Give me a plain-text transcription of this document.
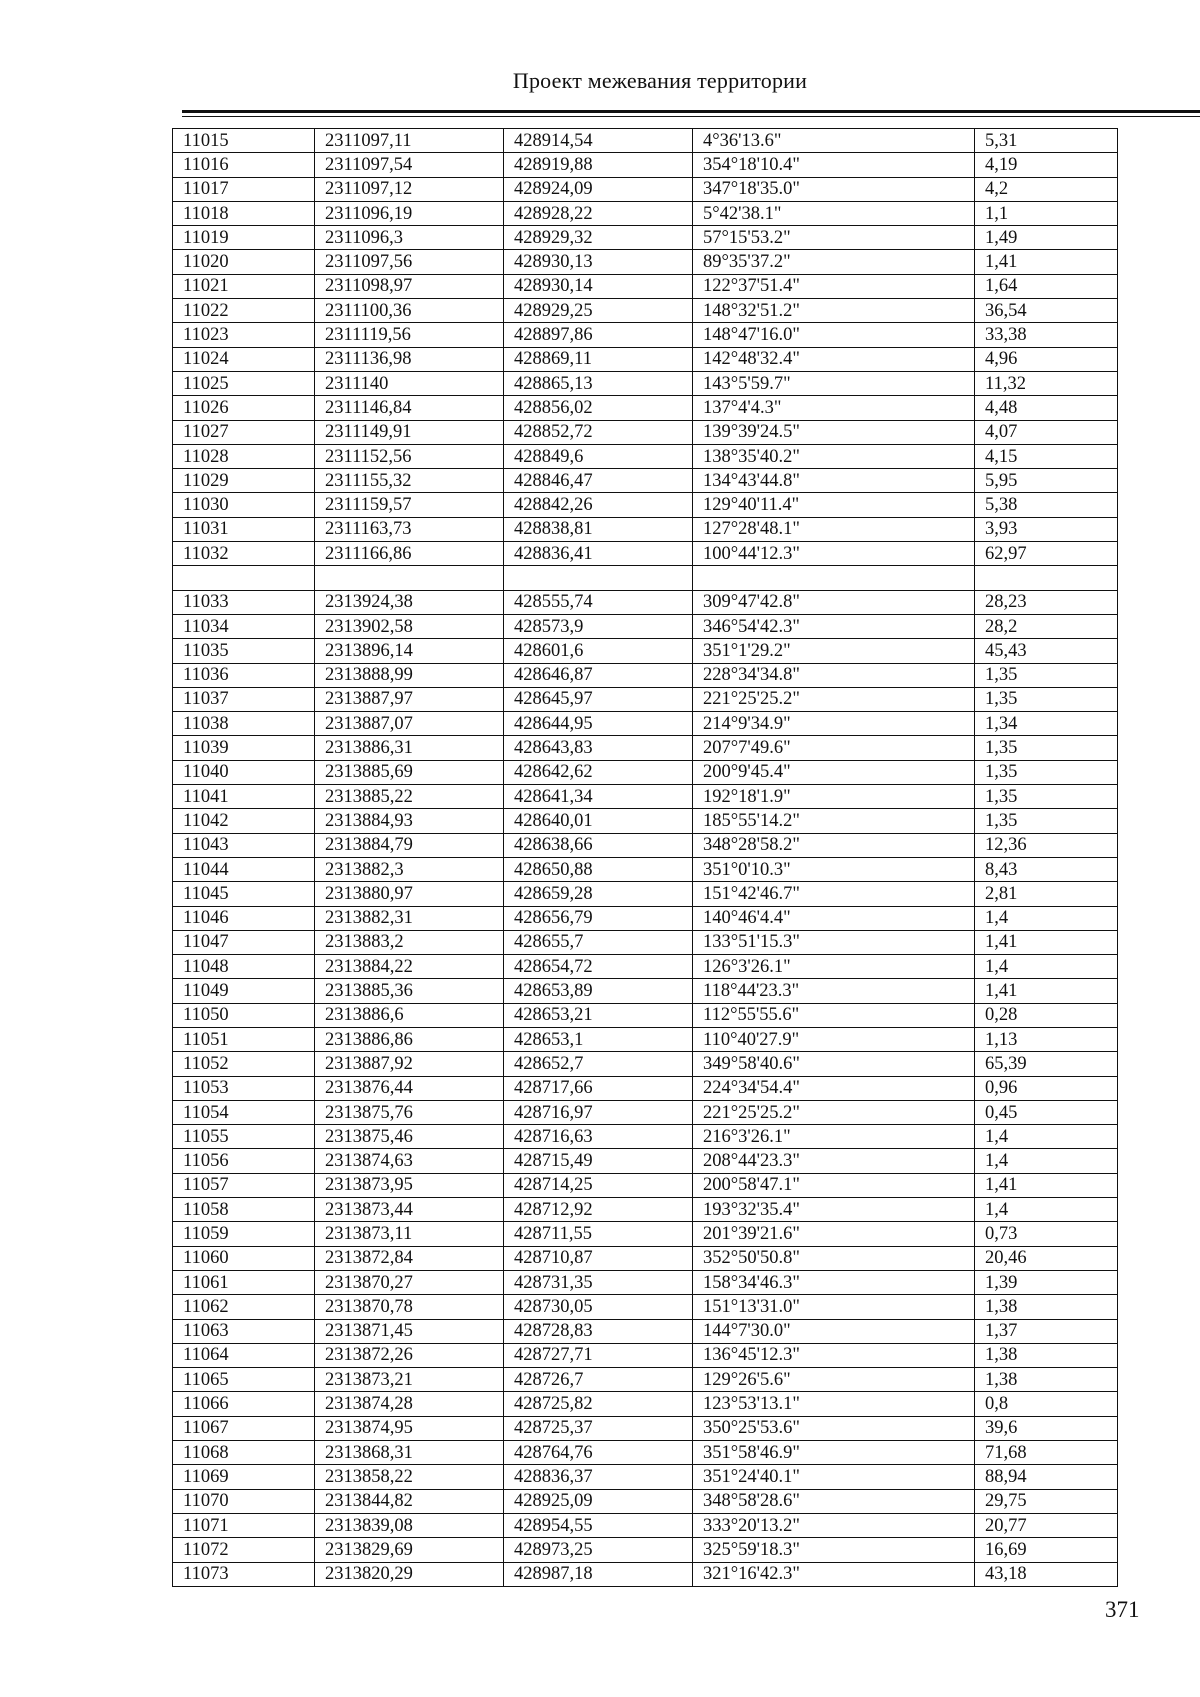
Проект межевания территории
11015	2311097,11	428914,54	4°36'13.6"	5,31
11016	2311097,54	428919,88	354°18'10.4"	4,19
11017	2311097,12	428924,09	347°18'35.0"	4,2
11018	2311096,19	428928,22	5°42'38.1"	1,1
11019	2311096,3	428929,32	57°15'53.2"	1,49
11020	2311097,56	428930,13	89°35'37.2"	1,41
11021	2311098,97	428930,14	122°37'51.4"	1,64
11022	2311100,36	428929,25	148°32'51.2"	36,54
11023	2311119,56	428897,86	148°47'16.0"	33,38
11024	2311136,98	428869,11	142°48'32.4"	4,96
11025	2311140	428865,13	143°5'59.7"	11,32
11026	2311146,84	428856,02	137°4'4.3"	4,48
11027	2311149,91	428852,72	139°39'24.5"	4,07
11028	2311152,56	428849,6	138°35'40.2"	4,15
11029	2311155,32	428846,47	134°43'44.8"	5,95
11030	2311159,57	428842,26	129°40'11.4"	5,38
11031	2311163,73	428838,81	127°28'48.1"	3,93
11032	2311166,86	428836,41	100°44'12.3"	62,97

11033	2313924,38	428555,74	309°47'42.8"	28,23
11034	2313902,58	428573,9	346°54'42.3"	28,2
11035	2313896,14	428601,6	351°1'29.2"	45,43
11036	2313888,99	428646,87	228°34'34.8"	1,35
11037	2313887,97	428645,97	221°25'25.2"	1,35
11038	2313887,07	428644,95	214°9'34.9"	1,34
11039	2313886,31	428643,83	207°7'49.6"	1,35
11040	2313885,69	428642,62	200°9'45.4"	1,35
11041	2313885,22	428641,34	192°18'1.9"	1,35
11042	2313884,93	428640,01	185°55'14.2"	1,35
11043	2313884,79	428638,66	348°28'58.2"	12,36
11044	2313882,3	428650,88	351°0'10.3"	8,43
11045	2313880,97	428659,28	151°42'46.7"	2,81
11046	2313882,31	428656,79	140°46'4.4"	1,4
11047	2313883,2	428655,7	133°51'15.3"	1,41
11048	2313884,22	428654,72	126°3'26.1"	1,4
11049	2313885,36	428653,89	118°44'23.3"	1,41
11050	2313886,6	428653,21	112°55'55.6"	0,28
11051	2313886,86	428653,1	110°40'27.9"	1,13
11052	2313887,92	428652,7	349°58'40.6"	65,39
11053	2313876,44	428717,66	224°34'54.4"	0,96
11054	2313875,76	428716,97	221°25'25.2"	0,45
11055	2313875,46	428716,63	216°3'26.1"	1,4
11056	2313874,63	428715,49	208°44'23.3"	1,4
11057	2313873,95	428714,25	200°58'47.1"	1,41
11058	2313873,44	428712,92	193°32'35.4"	1,4
11059	2313873,11	428711,55	201°39'21.6"	0,73
11060	2313872,84	428710,87	352°50'50.8"	20,46
11061	2313870,27	428731,35	158°34'46.3"	1,39
11062	2313870,78	428730,05	151°13'31.0"	1,38
11063	2313871,45	428728,83	144°7'30.0"	1,37
11064	2313872,26	428727,71	136°45'12.3"	1,38
11065	2313873,21	428726,7	129°26'5.6"	1,38
11066	2313874,28	428725,82	123°53'13.1"	0,8
11067	2313874,95	428725,37	350°25'53.6"	39,6
11068	2313868,31	428764,76	351°58'46.9"	71,68
11069	2313858,22	428836,37	351°24'40.1"	88,94
11070	2313844,82	428925,09	348°58'28.6"	29,75
11071	2313839,08	428954,55	333°20'13.2"	20,77
11072	2313829,69	428973,25	325°59'18.3"	16,69
11073	2313820,29	428987,18	321°16'42.3"	43,18
371
